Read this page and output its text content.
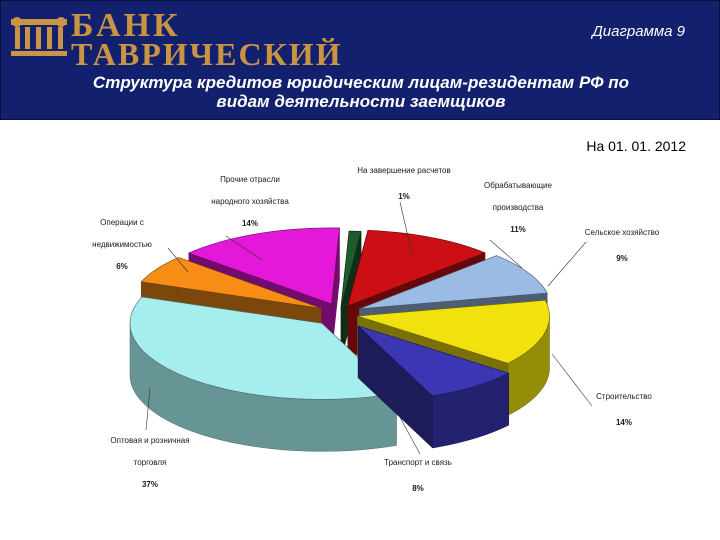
БАНК
ТАВРИЧЕСКИЙ
Диаграмма 9
Структура кредитов юридическим лицам-резидентам РФ по
видам деятельности заемщиков
На 01. 01. 2012
Обрабатывающие
производства
11%	Сельское хозяйство
9%
Строительство
14%
Транспорт и связь
8%
Оптовая и розничная
торговля
37%
Операции с
недвижимостью
6%
Прочие отрасли
народного хозяйства
14%
На завершение расчетов
1%
